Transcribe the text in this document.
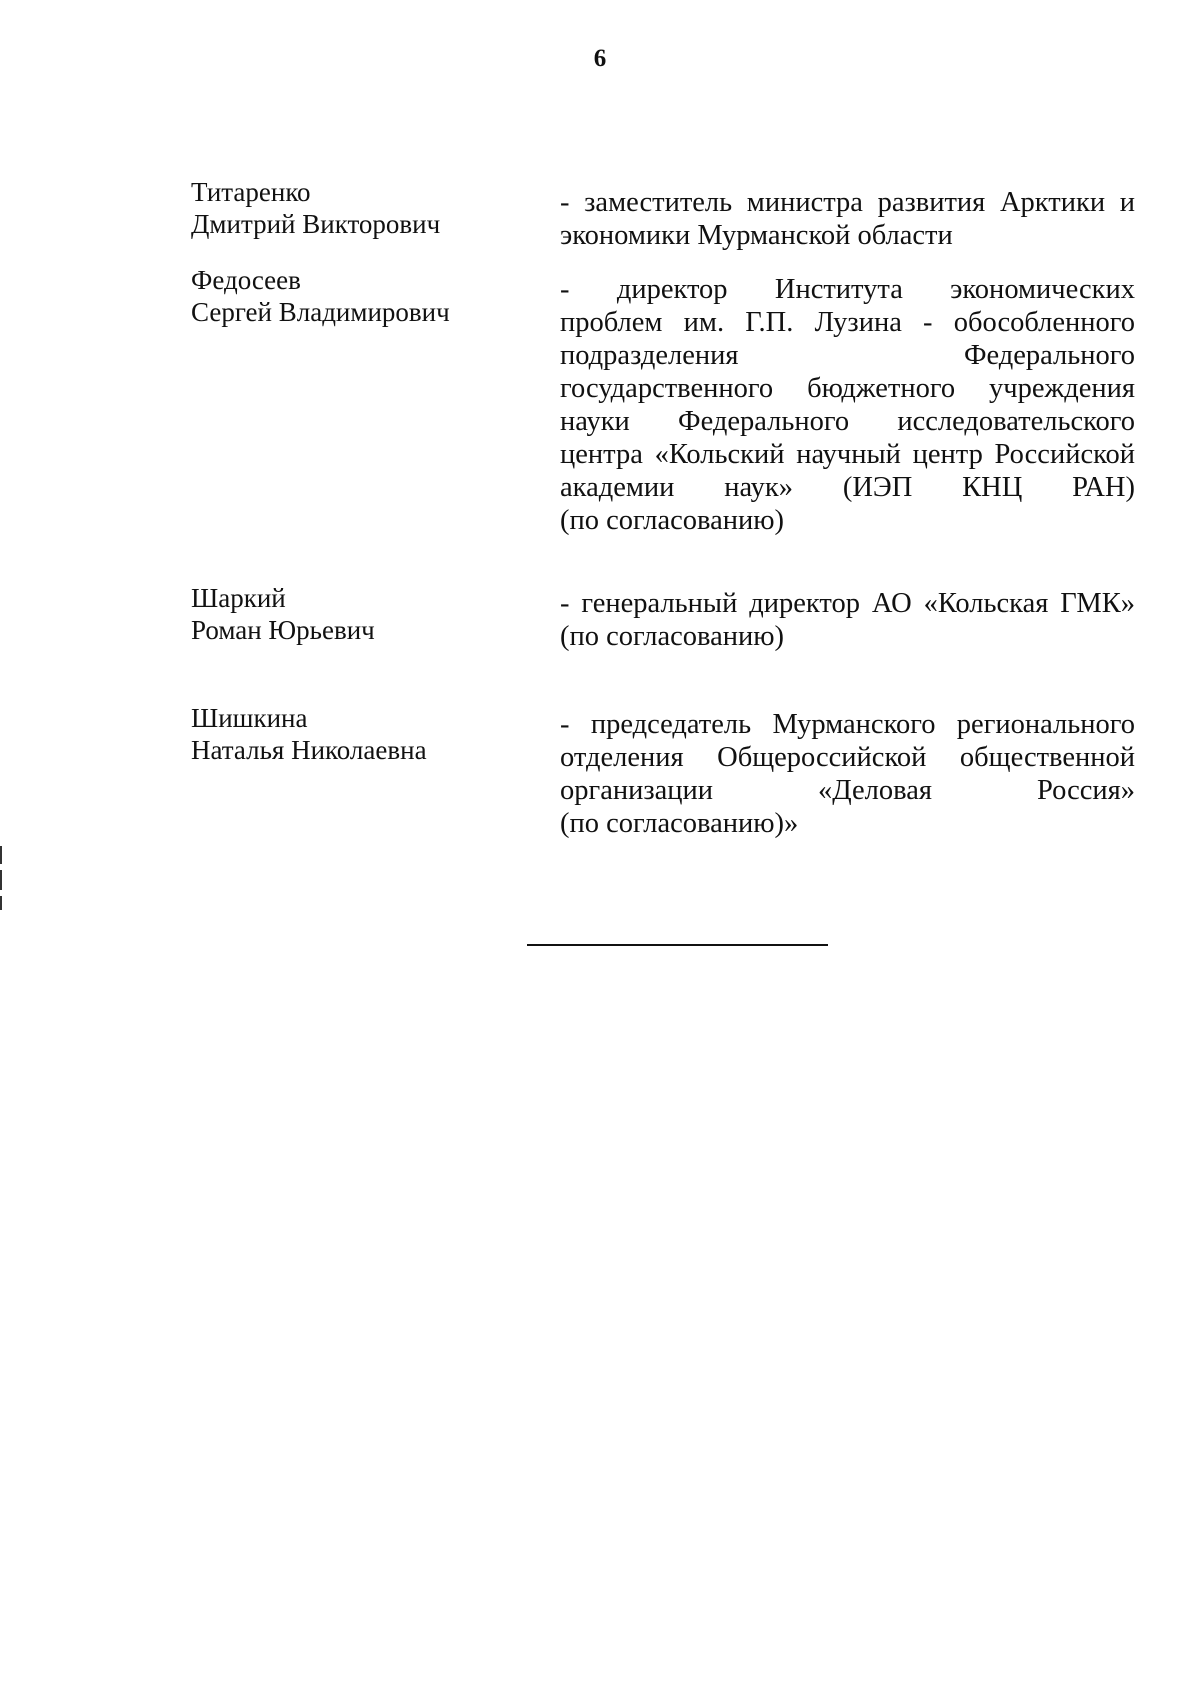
6
Титаренко
Дмитрий Викторович
- заместитель министра развития Арктики и
экономики Мурманской области
Федосеев
Сергей Владимирович
- директор Института экономических
проблем им. Г.П. Лузина - обособленного
подразделения Федерального
государственного бюджетного учреждения
науки Федерального исследовательского
центра «Кольский научный центр Российской
академии наук» (ИЭП КНЦ РАН)
(по согласованию)
Шаркий
Роман Юрьевич
- генеральный директор АО «Кольская ГМК»
(по согласованию)
Шишкина
Наталья Николаевна
- председатель Мурманского регионального
отделения Общероссийской общественной
организации «Деловая Россия»
(по согласованию)»
